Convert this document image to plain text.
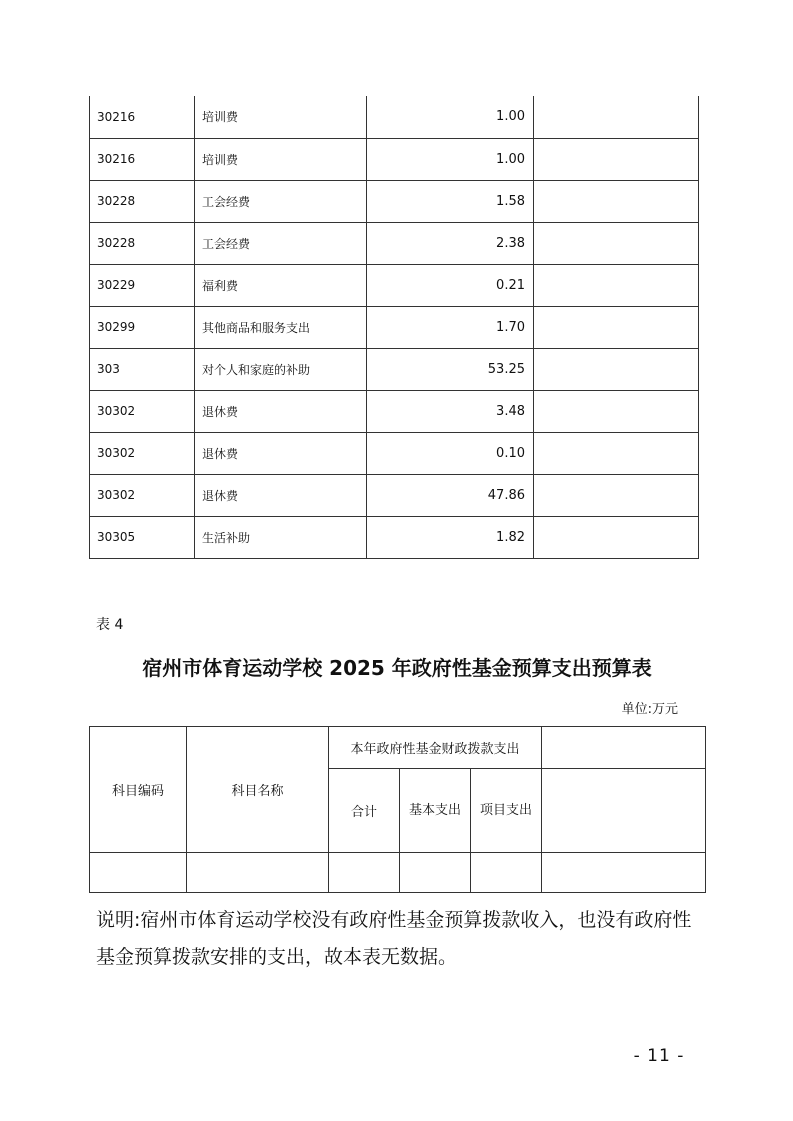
30216	培训费	1.00	
30216	培训费	1.00	
30228	工会经费	1.58	
30228	工会经费	2.38	
30229	福利费	0.21	
30299	其他商品和服务支出	1.70	
303	对个人和家庭的补助	53.25	
30302	退休费	3.48	
30302	退休费	0.10	
30302	退休费	47.86	
30305	生活补助	1.82	
表 4
宿州市体育运动学校 2025 年政府性基金预算支出预算表
单位:万元
科目编码	科目名称	本年政府性基金财政拨款支出			
		合计	基本支出	项目支出	

说明:宿州市体育运动学校没有政府性基金预算拨款收入，也没有政府性基金预算拨款安排的支出，故本表无数据。
- 11 -
